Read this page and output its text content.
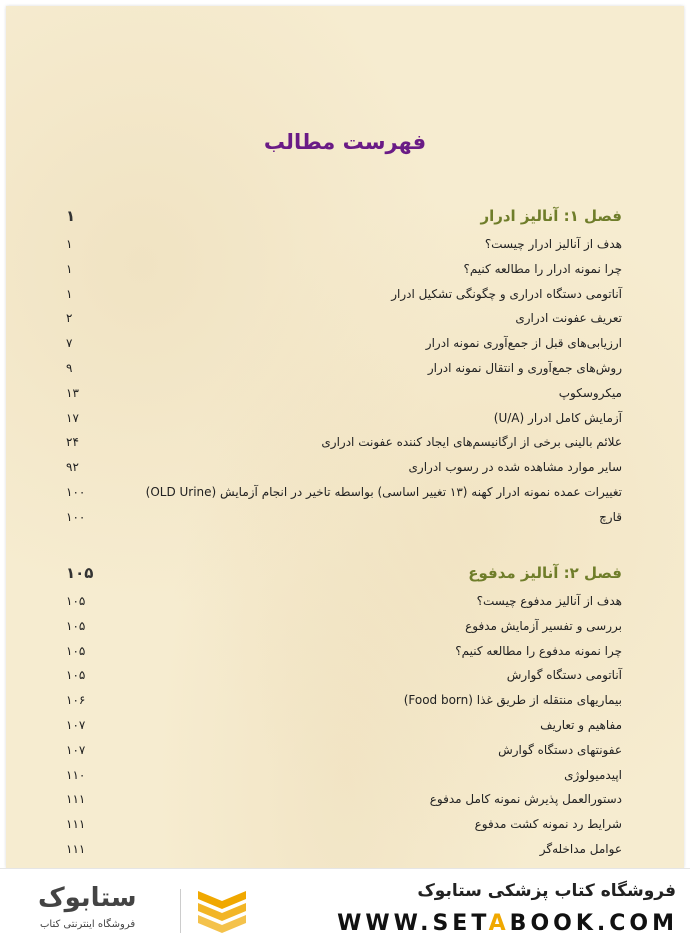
فهرست مطالب
فصل ۱: آنالیز ادرار
۱
هدف از آنالیز ادرار چیست؟
۱
چرا نمونه ادرار را مطالعه کنیم؟
۱
آناتومی دستگاه ادراری و چگونگی تشکیل ادرار
۱
تعریف عفونت ادراری
۲
ارزیابی‌های قبل از جمع‌آوری نمونه ادرار
۷
روش‌های جمع‌آوری و انتقال نمونه ادرار
۹
میکروسکوپ
۱۳
آزمایش کامل ادرار (U/A)
۱۷
علائم بالینی برخی از ارگانیسم‌های ایجاد کننده عفونت ادراری
۲۴
سایر موارد مشاهده شده در رسوب ادراری
۹۲
تغییرات عمده نمونه ادرار کهنه (۱۳ تغییر اساسی) بواسطه تاخیر در انجام آزمایش (OLD Urine)
۱۰۰
قارچ
۱۰۰
فصل ۲: آنالیز مدفوع
۱۰۵
هدف از آنالیز مدفوع چیست؟
۱۰۵
بررسی و تفسیر آزمایش مدفوع
۱۰۵
چرا نمونه مدفوع را مطالعه کنیم؟
۱۰۵
آناتومی دستگاه گوارش
۱۰۵
بیماریهای منتقله از طریق غذا (Food born)
۱۰۶
مفاهیم و تعاریف
۱۰۷
عفونتهای دستگاه گوارش
۱۰۷
اپیدمیولوژی
۱۱۰
دستورالعمل پذیرش نمونه کامل مدفوع
۱۱۱
شرایط رد نمونه کشت مدفوع
۱۱۱
عوامل مداخله‌گر
۱۱۱
فروشگاه کتاب پزشکی ستابوک
WWW.SETABOOK.COM
ستابوک
فروشگاه اینترنتی کتاب
